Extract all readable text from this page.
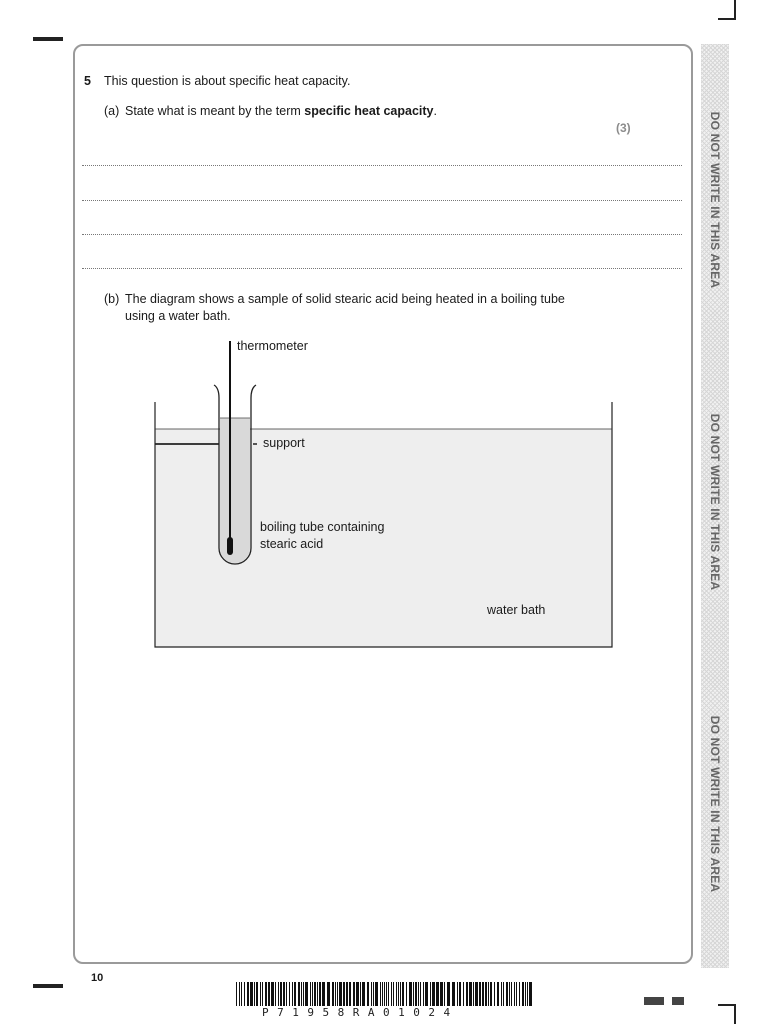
DO NOT WRITE IN THIS AREA
DO NOT WRITE IN THIS AREA
DO NOT WRITE IN THIS AREA
5 This question is about specific heat capacity.
(a) State what is meant by the term specific heat capacity.
(3)
(b) The diagram shows a sample of solid stearic acid being heated in a boiling tube
using a water bath.
thermometer
support
boiling tube containing
stearic acid
water bath
10
P71958RA01024
